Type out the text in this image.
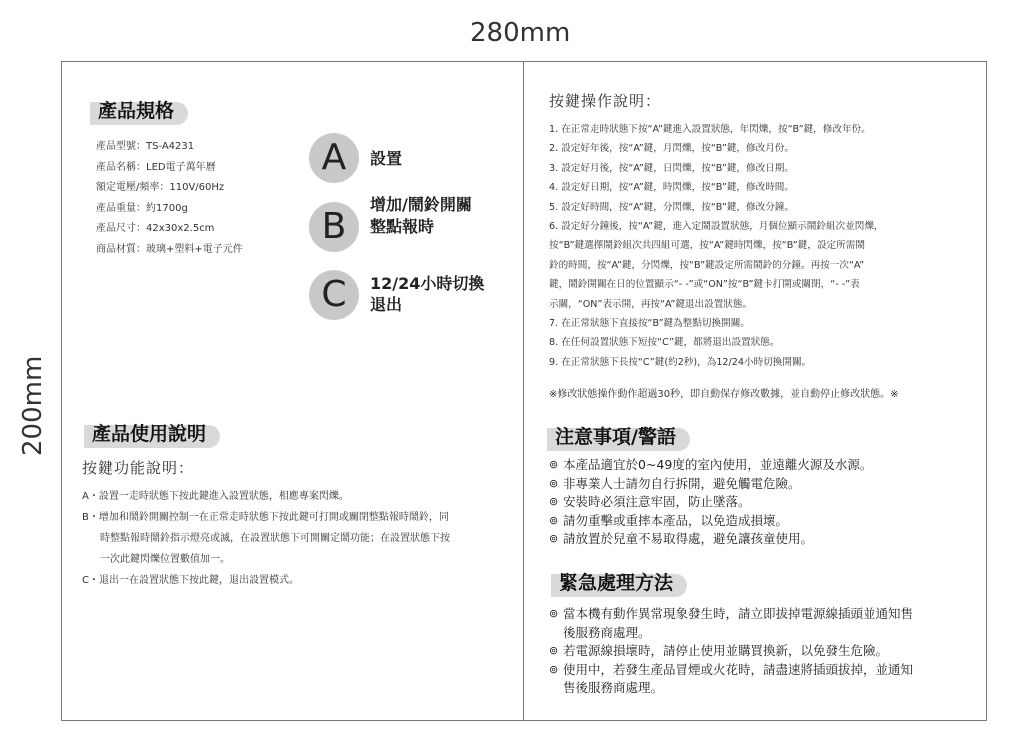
280mm
200mm
產品規格
產品型號：TS-A4231
產品名稱：LED電子萬年曆
額定電壓/頻率：110V/60Hz
產品重量：約1700g
產品尺寸：42x30x2.5cm
商品材質：玻璃+塑料+電子元件
A	設置
B
增加/鬧鈴開關
整點報時
C	12/24小時切換
退出
產品使用說明
按鍵功能說明：
A・設置一走時狀態下按此鍵進入設置狀態，相應專案閃爍。
B・增加和鬧鈴開關控制一在正常走時狀態下按此鍵可打開或關閉整點報時鬧鈴，同
時整點報時鬧鈴指示燈亮或滅，在設置狀態下可開關定鬧功能；在設置狀態下按
一次此鍵閃爍位置數值加一。
C・退出一在設置狀態下按此鍵，退出設置模式。
按鍵操作說明：
1. 在正常走時狀態下按“A”鍵進入設置狀態，年閃爍，按“B”鍵，修改年份。
2. 設定好年後，按“A”鍵，月閃爍，按“B”鍵，修改月份。
3. 設定好月後，按“A”鍵，日閃爍，按“B”鍵，修改日期。
4. 設定好日期，按“A”鍵，時閃爍，按“B”鍵，修改時間。
5. 設定好時間，按“A”鍵，分閃爍，按“B”鍵，修改分鐘。
6. 設定好分鐘後，按“A”鍵，進入定鬧設置狀態，月個位顯示鬧鈴組次並閃爍，
按“B”鍵選擇鬧鈴組次共四組可選，按“A”鍵時閃爍，按“B”鍵，設定所需鬧
鈴的時間，按“A”鍵，分閃爍，按“B”鍵設定所需鬧鈴的分鐘。再按一次“A”
鍵，鬧鈴開關在日的位置顯示“- -”或“ON”按“B”鍵卡打開或關閉，“- -”表
示關，“ON”表示開，再按“A”鍵退出設置狀態。
7. 在正常狀態下直接按“B”鍵為整點切換開關。
8. 在任何設置狀態下短按“C”鍵，都將退出設置狀態。
9. 在正常狀態下長按“C”鍵(約2秒)，為12/24小時切換開關。
※修改狀態操作動作超過30秒，即自動保存修改數據，並自動停止修改狀態。※
注意事項/警語
⊚ 本產品適宜於0~49度的室內使用，並遠離火源及水源。
⊚ 非專業人士請勿自行拆開，避免觸電危險。
⊚ 安裝時必須注意牢固，防止墜落。
⊚ 請勿重擊或重摔本產品，以免造成損壞。
⊚ 請放置於兒童不易取得處，避免讓孩童使用。
緊急處理方法
⊚ 當本機有動作異常現象發生時，請立即拔掉電源線插頭並通知售
後服務商處理。
⊚ 若電源線損壞時，請停止使用並購買換新，以免發生危險。
⊚ 使用中，若發生產品冒煙或火花時，請盡速將插頭拔掉，並通知
售後服務商處理。
